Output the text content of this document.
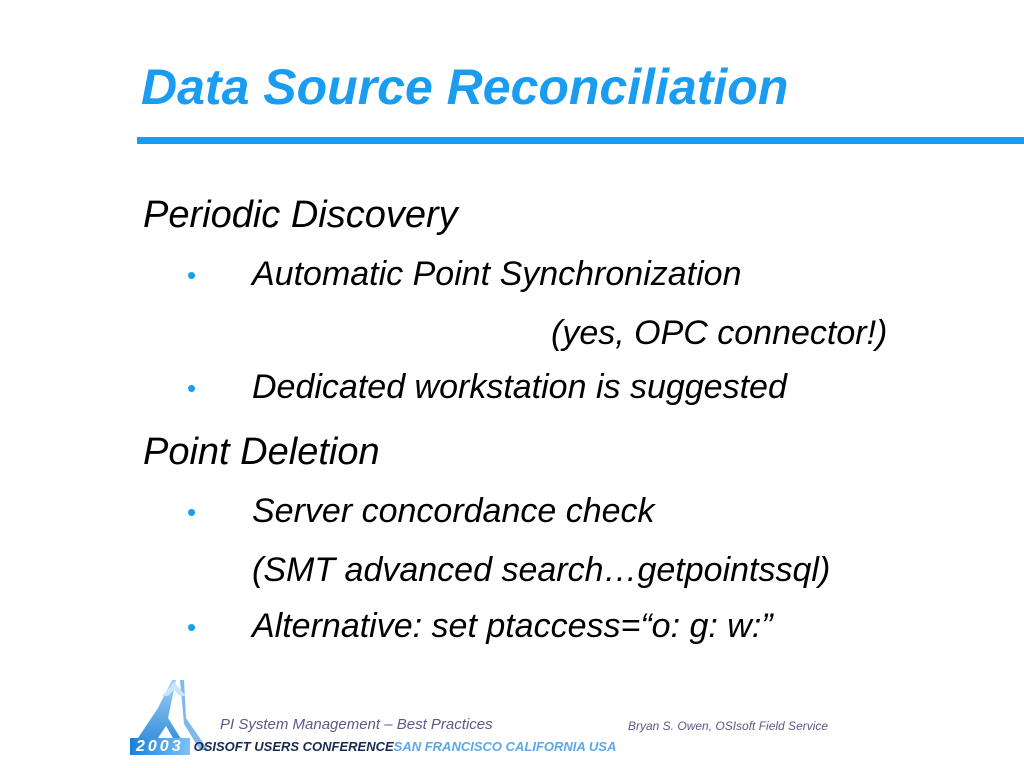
Data Source Reconciliation
Periodic Discovery
• Automatic Point Synchronization
(yes, OPC connector!)
• Dedicated workstation is suggested
Point Deletion
• Server concordance check
(SMT advanced search…getpointssql)
• Alternative: set ptaccess=“o: g: w:”
PI System Management – Best Practices	Bryan S. Owen, OSIsoft Field Service
2003 $^{OSISOFT USERS CONFERENCESAN FRANCISCO CALIFORNIA USA}$
